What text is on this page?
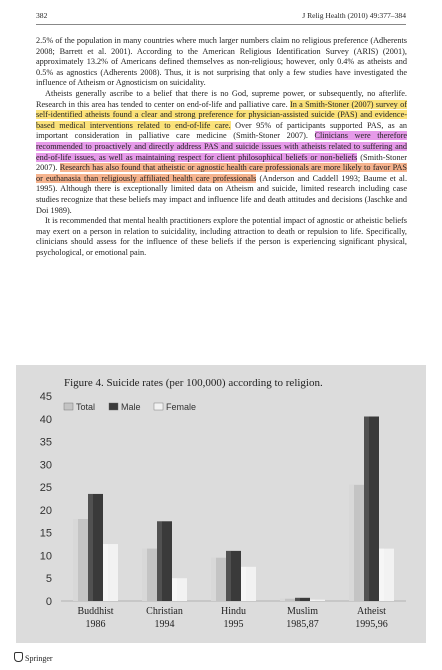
382	J Relig Health (2010) 49:377–384

2.5% of the population in many countries where much larger numbers claim no religious preference (Adherents 2008; Barrett et al. 2001). According to the American Religious Identification Survey (ARIS) (2001), approximately 13.2% of Americans defined themselves as non-religious; however, only 0.4% as atheists and 0.5% as agnostics (Adherents 2008). Thus, it is not surprising that only a few studies have investigated the influence of Atheism or Agnosticism on suicidality.

Atheists generally ascribe to a belief that there is no God, supreme power, or subsequently, no afterlife. Research in this area has tended to center on end-of-life and palliative care. In a Smith-Stoner (2007) survey of self-identified atheists found a clear and strong preference for physician-assisted suicide (PAS) and evidence-based medical interventions related to end-of-life care. Over 95% of participants supported PAS, as an important consideration in palliative care medicine (Smith-Stoner 2007). Clinicians were therefore recommended to proactively and directly address PAS and suicide issues with atheists related to suffering and end-of-life issues, as well as maintaining respect for client philosophical beliefs or non-beliefs (Smith-Stoner 2007). Research has also found that atheistic or agnostic health care professionals are more likely to favor PAS or euthanasia than religiously affiliated health care professionals (Anderson and Caddell 1993; Baume et al. 1995). Although there is exceptionally limited data on Atheism and suicide, limited research including case studies recognize that these beliefs may impact and influence life and death attitudes and decisions (Jaschke and Doi 1989).

It is recommended that mental health practitioners explore the potential impact of agnostic or atheistic beliefs may exert on a person in relation to suicidality, including attraction to death or repulsion to life. Specifically, clinicians should assess for the influence of these beliefs if the person is experiencing significant physical, psychological, or emotional pain.

Figure 4. Suicide rates (per 100,000) according to religion.
Total	Male	Female
0
5
10
15
20
25
30
35
40
45
Buddhist
1986
Christian
1994
Hindu
1995
Muslim
1985,87
Atheist
1995,96
Springer
